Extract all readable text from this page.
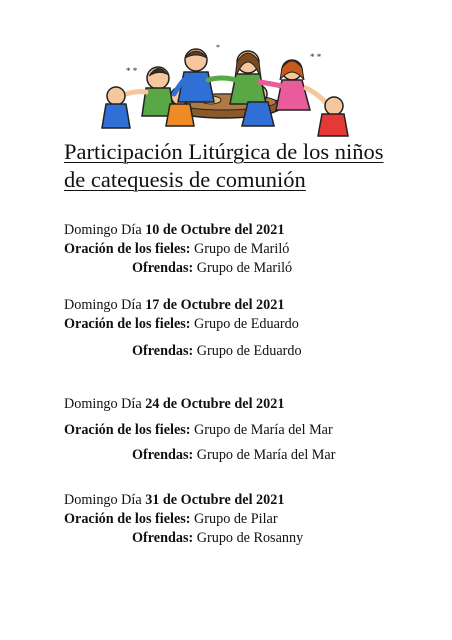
* *
* *
*
Participación Litúrgica de los niños
de catequesis de comunión
Domingo Día 10 de Octubre del 2021
Oración de los fieles: Grupo de Mariló
Ofrendas: Grupo de Mariló
Domingo Día 17 de Octubre del 2021
Oración de los fieles: Grupo de Eduardo
Ofrendas: Grupo de Eduardo
Domingo Día 24 de Octubre del 2021
Oración de los fieles: Grupo de María del Mar
Ofrendas: Grupo de María del Mar
Domingo Día 31 de Octubre del 2021
Oración de los fieles: Grupo de Pilar
Ofrendas: Grupo de Rosanny
